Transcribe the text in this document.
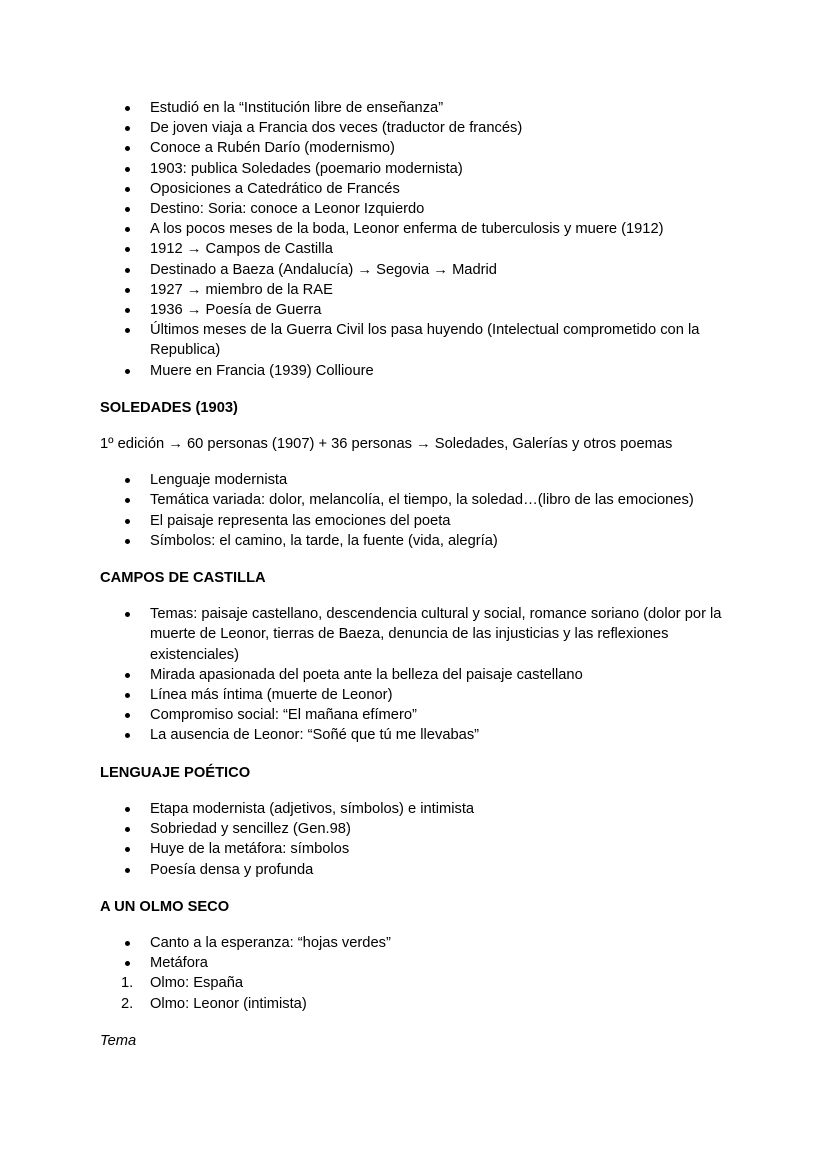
Estudió en la “Institución libre de enseñanza”
De joven viaja a Francia dos veces (traductor de francés)
Conoce a Rubén Darío (modernismo)
1903: publica Soledades (poemario modernista)
Oposiciones a Catedrático de Francés
Destino: Soria: conoce a Leonor Izquierdo
A los pocos meses de la boda, Leonor enferma de tuberculosis y muere (1912)
1912 → Campos de Castilla
Destinado a Baeza (Andalucía) → Segovia → Madrid
1927 → miembro de la RAE
1936 → Poesía de Guerra
Últimos meses de la Guerra Civil los pasa huyendo (Intelectual comprometido con la Republica)
Muere en Francia (1939) Collioure
SOLEDADES (1903)
1º edición → 60 personas (1907) + 36 personas → Soledades, Galerías y otros poemas
Lenguaje modernista
Temática variada: dolor, melancolía, el tiempo, la soledad…(libro de las emociones)
El paisaje representa las emociones del poeta
Símbolos: el camino, la tarde, la fuente (vida, alegría)
CAMPOS DE CASTILLA
Temas: paisaje castellano, descendencia cultural y social, romance soriano (dolor por la muerte de Leonor, tierras de Baeza, denuncia de las injusticias y las reflexiones existenciales)
Mirada apasionada del poeta ante la belleza del paisaje castellano
Línea más íntima (muerte de Leonor)
Compromiso social: “El mañana efímero”
La ausencia de Leonor: “Soñé que tú me llevabas”
LENGUAJE POÉTICO
Etapa modernista (adjetivos, símbolos) e intimista
Sobriedad y sencillez (Gen.98)
Huye de la metáfora: símbolos
Poesía densa y profunda
A UN OLMO SECO
Canto a la esperanza: “hojas verdes”
Metáfora
1. Olmo: España
2. Olmo: Leonor (intimista)
Tema
